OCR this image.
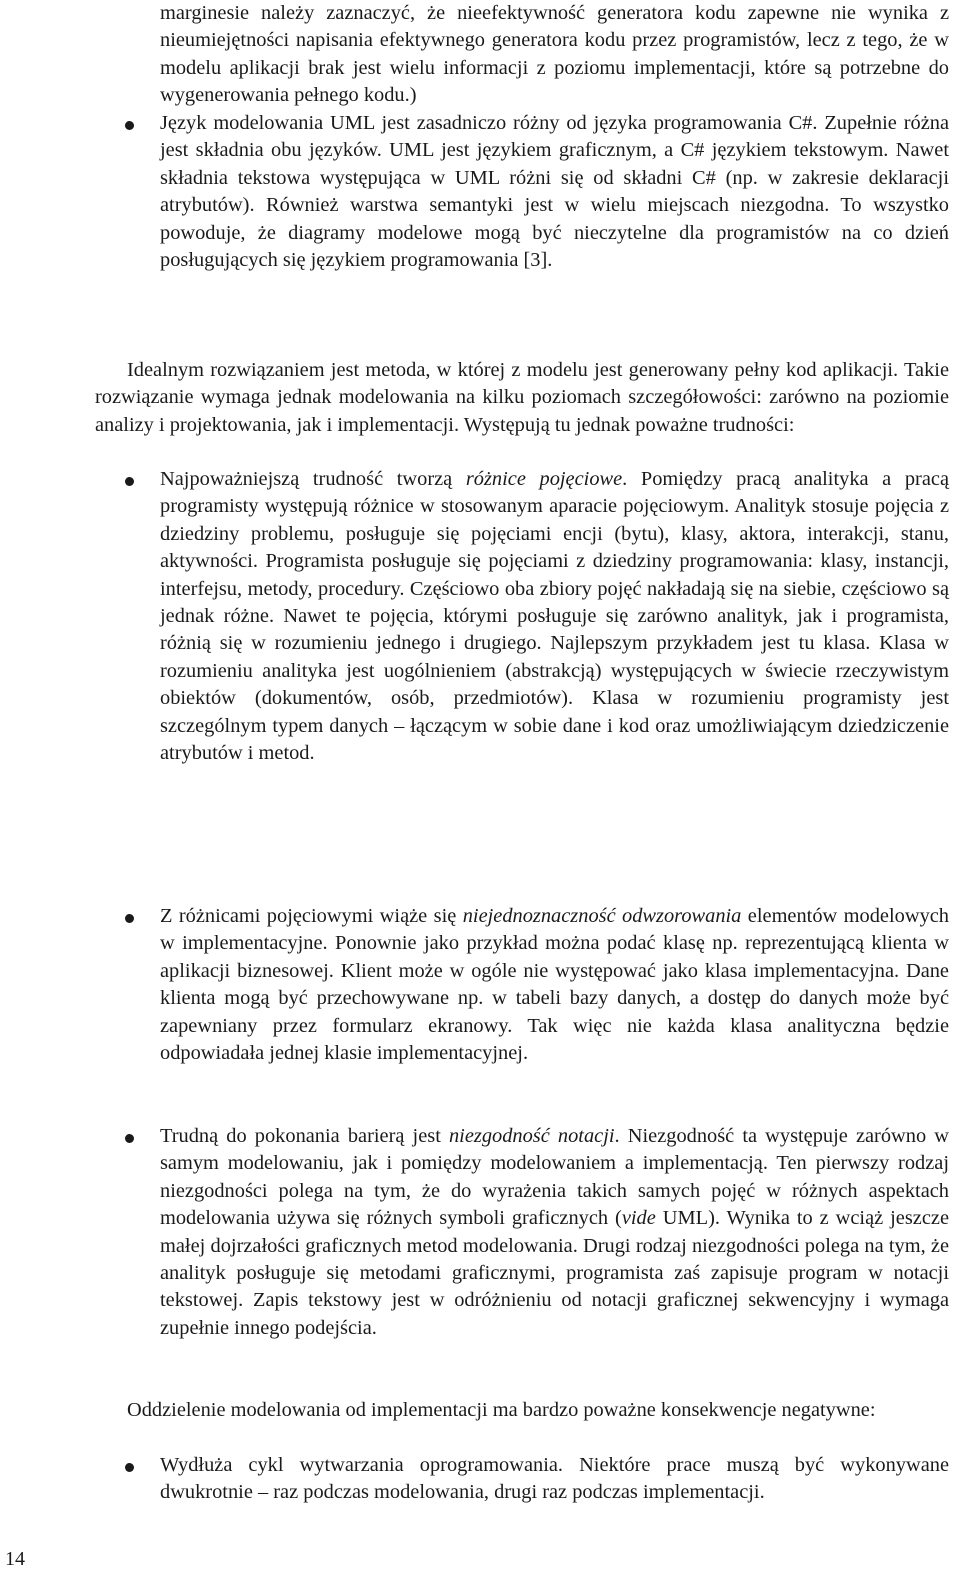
marginesie należy zaznaczyć, że nieefektywność generatora kodu zapewne nie wynika z nieumiejętności napisania efektywnego generatora kodu przez programistów, lecz z tego, że w modelu aplikacji brak jest wielu informacji z poziomu implementacji, które są potrzebne do wygenerowania pełnego kodu.)

Język modelowania UML jest zasadniczo różny od języka programowania C#. Zupełnie różna jest składnia obu języków. UML jest językiem graficznym, a C# językiem tekstowym. Nawet składnia tekstowa występująca w UML różni się od składni C# (np. w zakresie deklaracji atrybutów). Również warstwa semantyki jest w wielu miejscach niezgodna. To wszystko powoduje, że diagramy modelowe mogą być nieczytelne dla programistów na co dzień posługujących się językiem programowania [3].

Idealnym rozwiązaniem jest metoda, w której z modelu jest generowany pełny kod aplikacji. Takie rozwiązanie wymaga jednak modelowania na kilku poziomach szczegółowości: zarówno na poziomie analizy i projektowania, jak i implementacji. Występują tu jednak poważne trudności:

Najpoważniejszą trudność tworzą różnice pojęciowe. Pomiędzy pracą analityka a pracą programisty występują różnice w stosowanym aparacie pojęciowym. Analityk stosuje pojęcia z dziedziny problemu, posługuje się pojęciami encji (bytu), klasy, aktora, interakcji, stanu, aktywności. Programista posługuje się pojęciami z dziedziny programowania: klasy, instancji, interfejsu, metody, procedury. Częściowo oba zbiory pojęć nakładają się na siebie, częściowo są jednak różne. Nawet te pojęcia, którymi posługuje się zarówno analityk, jak i programista, różnią się w rozumieniu jednego i drugiego. Najlepszym przykładem jest tu klasa. Klasa w rozumieniu analityka jest uogólnieniem (abstrakcją) występujących w świecie rzeczywistym obiektów (dokumentów, osób, przedmiotów). Klasa w rozumieniu programisty jest szczególnym typem danych – łączącym w sobie dane i kod oraz umożliwiającym dziedziczenie atrybutów i metod.

Z różnicami pojęciowymi wiąże się niejednoznaczność odwzorowania elementów modelowych w implementacyjne. Ponownie jako przykład można podać klasę np. reprezentującą klienta w aplikacji biznesowej. Klient może w ogóle nie występować jako klasa implementacyjna. Dane klienta mogą być przechowywane np. w tabeli bazy danych, a dostęp do danych może być zapewniany przez formularz ekranowy. Tak więc nie każda klasa analityczna będzie odpowiadała jednej klasie implementacyjnej.

Trudną do pokonania barierą jest niezgodność notacji. Niezgodność ta występuje zarówno w samym modelowaniu, jak i pomiędzy modelowaniem a implementacją. Ten pierwszy rodzaj niezgodności polega na tym, że do wyrażenia takich samych pojęć w różnych aspektach modelowania używa się różnych symboli graficznych (vide UML). Wynika to z wciąż jeszcze małej dojrzałości graficznych metod modelowania. Drugi rodzaj niezgodności polega na tym, że analityk posługuje się metodami graficznymi, programista zaś zapisuje program w notacji tekstowej. Zapis tekstowy jest w odróżnieniu od notacji graficznej sekwencyjny i wymaga zupełnie innego podejścia.

Oddzielenie modelowania od implementacji ma bardzo poważne konsekwencje negatywne:

Wydłuża cykl wytwarzania oprogramowania. Niektóre prace muszą być wykonywane dwukrotnie – raz podczas modelowania, drugi raz podczas implementacji.

14
